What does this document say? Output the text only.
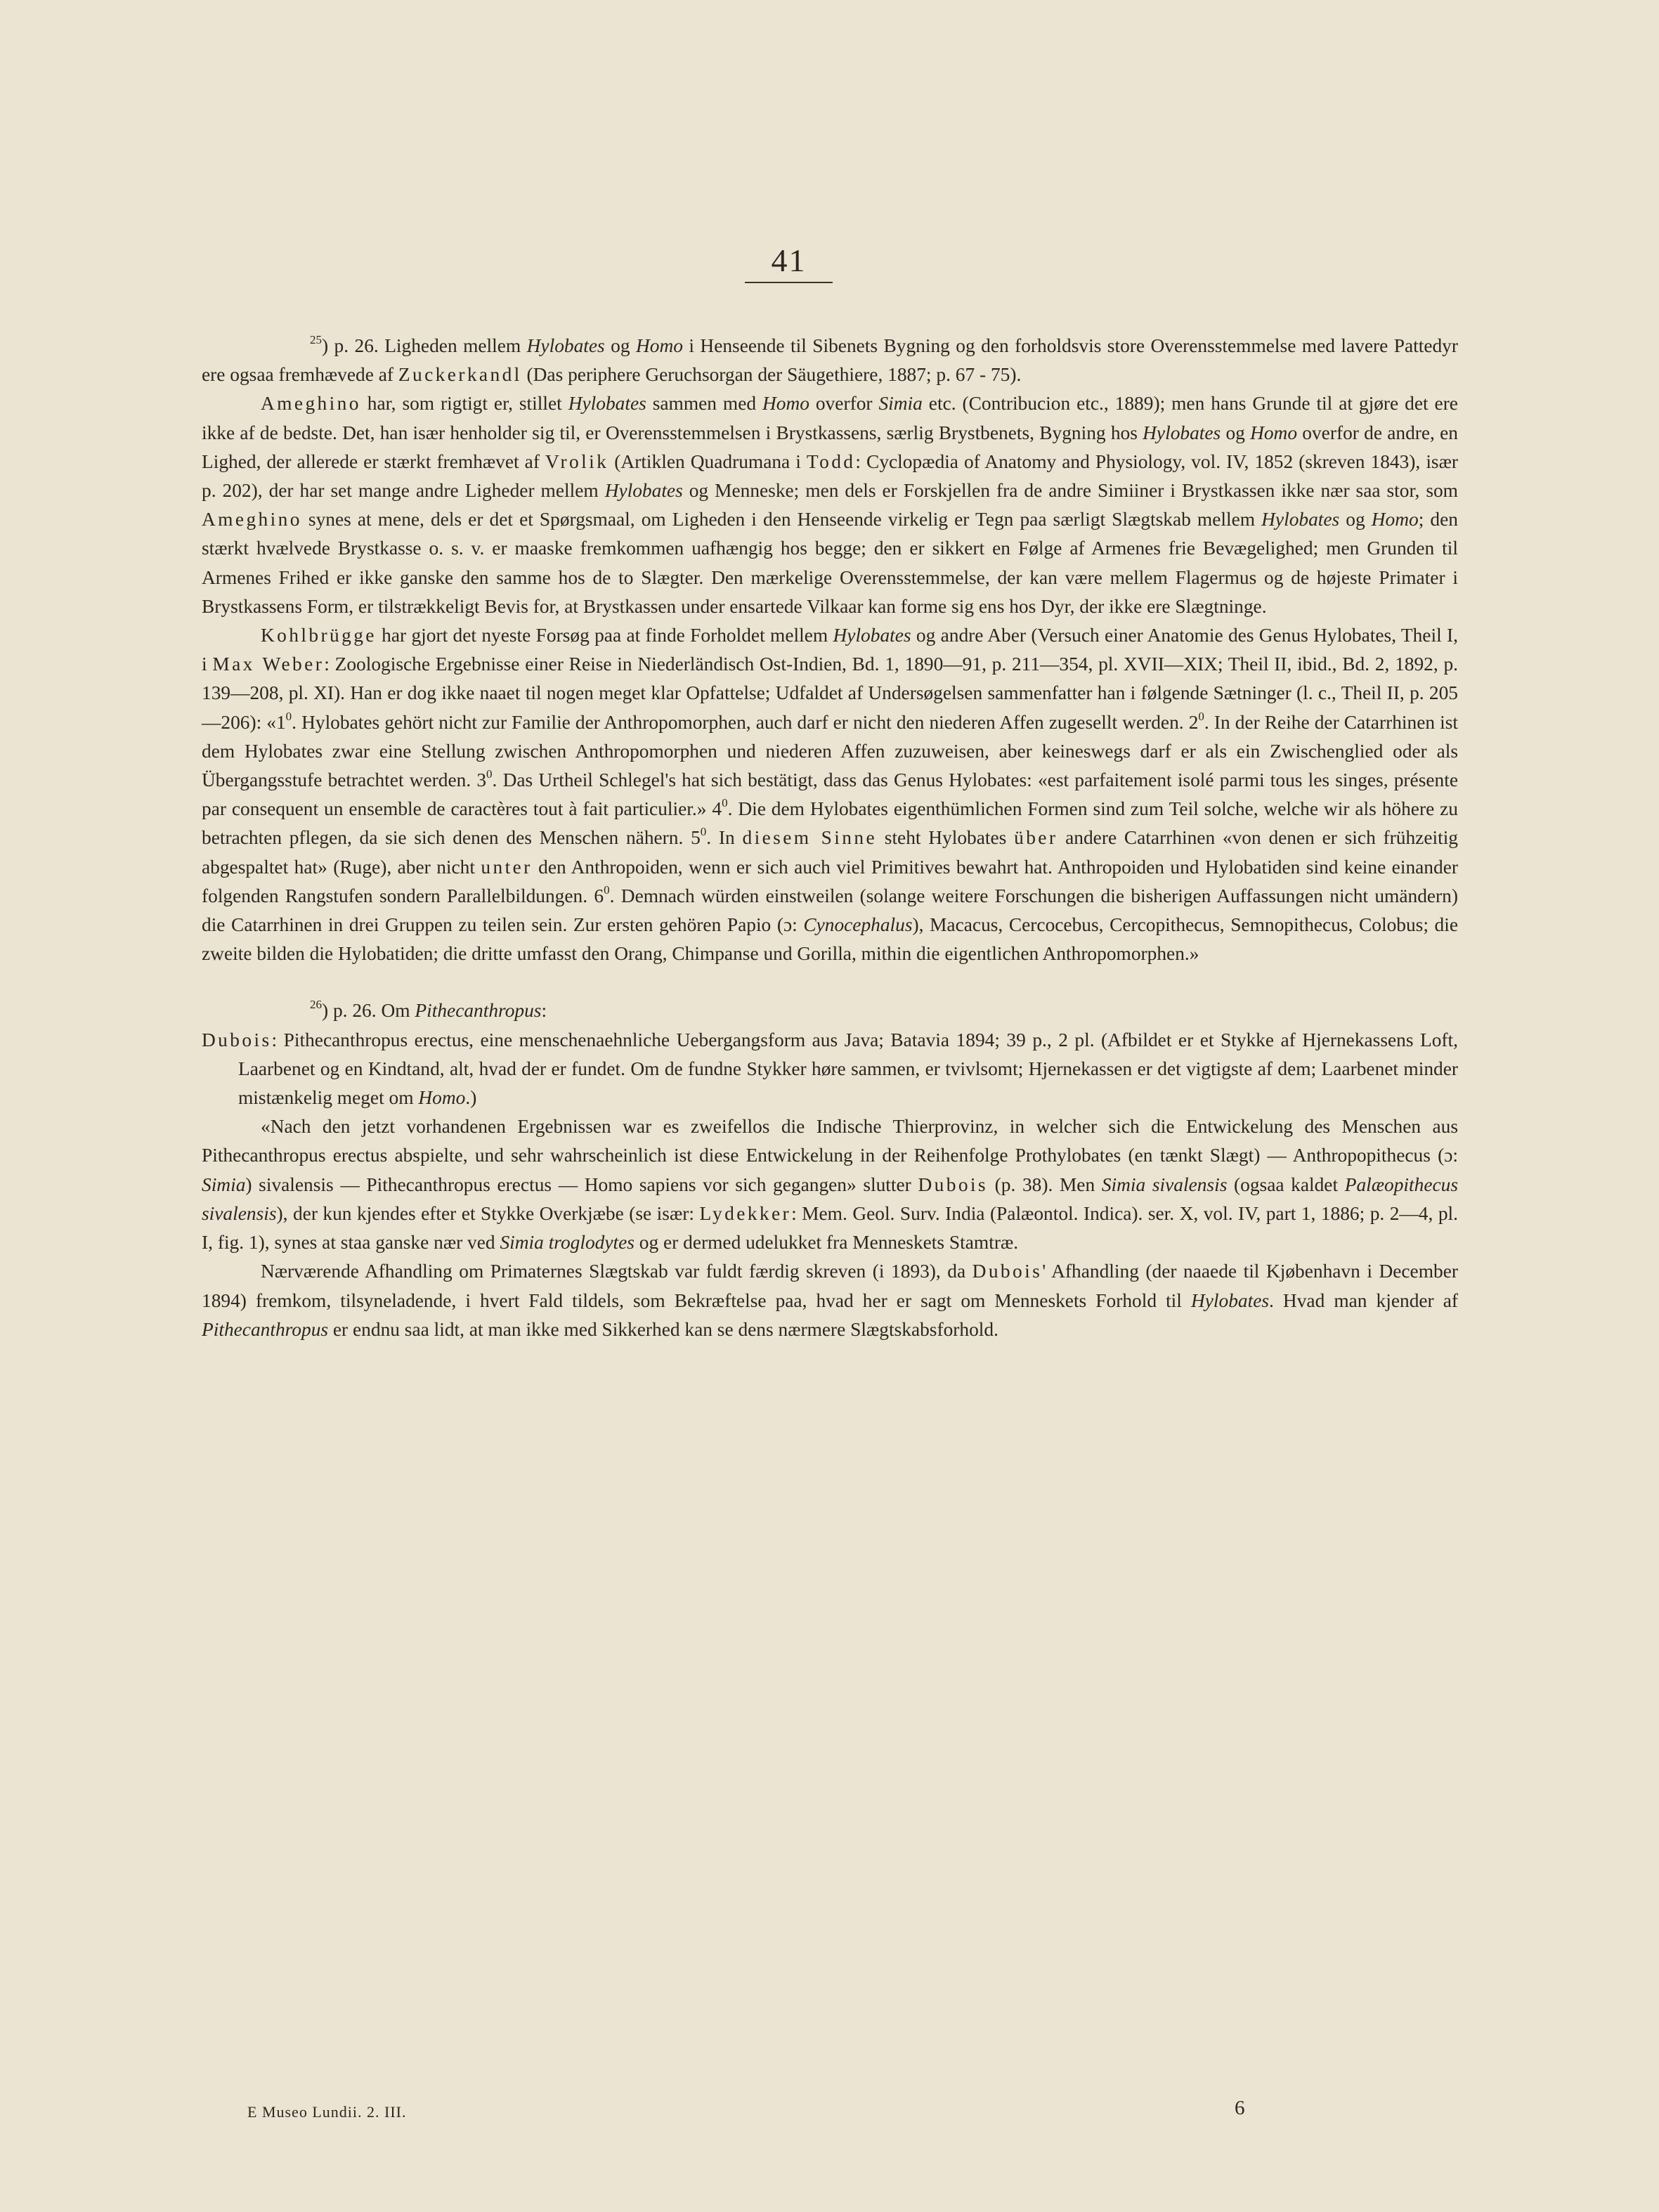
41

$^{25}$) p. 26. Ligheden mellem Hylobates og Homo i Henseende til Sibenets Bygning og den forholdsvis store Overensstemmelse med lavere Pattedyr ere ogsaa fremhævede af Zuckerkandl (Das periphere Geruchsorgan der Säugethiere, 1887; p. 67 - 75).

Ameghino har, som rigtigt er, stillet Hylobates sammen med Homo overfor Simia etc. (Contribucion etc., 1889); men hans Grunde til at gjøre det ere ikke af de bedste. Det, han især henholder sig til, er Overensstemmelsen i Brystkassens, særlig Brystbenets, Bygning hos Hylobates og Homo overfor de andre, en Lighed, der allerede er stærkt fremhævet af Vrolik (Artiklen Quadrumana i Todd: Cyclopædia of Anatomy and Physiology, vol. IV, 1852 (skreven 1843), især p. 202), der har set mange andre Ligheder mellem Hylobates og Menneske; men dels er Forskjellen fra de andre Simiiner i Brystkassen ikke nær saa stor, som Ameghino synes at mene, dels er det et Spørgsmaal, om Ligheden i den Henseende virkelig er Tegn paa særligt Slægtskab mellem Hylobates og Homo; den stærkt hvælvede Brystkasse o. s. v. er maaske fremkommen uafhængig hos begge; den er sikkert en Følge af Armenes frie Bevægelighed; men Grunden til Armenes Frihed er ikke ganske den samme hos de to Slægter. Den mærkelige Overensstemmelse, der kan være mellem Flagermus og de højeste Primater i Brystkassens Form, er tilstrækkeligt Bevis for, at Brystkassen under ensartede Vilkaar kan forme sig ens hos Dyr, der ikke ere Slægtninge.

Kohlbrügge har gjort det nyeste Forsøg paa at finde Forholdet mellem Hylobates og andre Aber (Versuch einer Anatomie des Genus Hylobates, Theil I, i Max Weber: Zoologische Ergebnisse einer Reise in Niederländisch Ost-Indien, Bd. 1, 1890—91, p. 211—354, pl. XVII—XIX; Theil II, ibid., Bd. 2, 1892, p. 139—208, pl. XI). Han er dog ikke naaet til nogen meget klar Opfattelse; Udfaldet af Undersøgelsen sammenfatter han i følgende Sætninger (l. c., Theil II, p. 205—206): «$1^0$. Hylobates gehört nicht zur Familie der Anthropomorphen, auch darf er nicht den niederen Affen zugesellt werden. $2^0$. In der Reihe der Catarrhinen ist dem Hylobates zwar eine Stellung zwischen Anthropomorphen und niederen Affen zuzuweisen, aber keineswegs darf er als ein Zwischenglied oder als Übergangsstufe betrachtet werden. $3^0$. Das Urtheil Schlegel's hat sich bestätigt, dass das Genus Hylobates: «est parfaitement isolé parmi tous les singes, présente par consequent un ensemble de caractères tout à fait particulier.» $4^0$. Die dem Hylobates eigenthümlichen Formen sind zum Teil solche, welche wir als höhere zu betrachten pflegen, da sie sich denen des Menschen nähern. $5^0$. In diesem Sinne steht Hylobates über andere Catarrhinen «von denen er sich frühzeitig abgespaltet hat» (Ruge), aber nicht unter den Anthropoiden, wenn er sich auch viel Primitives bewahrt hat. Anthropoiden und Hylobatiden sind keine einander folgenden Rangstufen sondern Parallelbildungen. $6^0$. Demnach würden einstweilen (solange weitere Forschungen die bisherigen Auffassungen nicht umändern) die Catarrhinen in drei Gruppen zu teilen sein. Zur ersten gehören Papio (ɔ: Cynocephalus), Macacus, Cercocebus, Cercopithecus, Semnopithecus, Colobus; die zweite bilden die Hylobatiden; die dritte umfasst den Orang, Chimpanse und Gorilla, mithin die eigentlichen Anthropomorphen.»

$^{26}$) p. 26. Om Pithecanthropus:

Dubois: Pithecanthropus erectus, eine menschenaehnliche Uebergangsform aus Java; Batavia 1894; 39 p., 2 pl. (Afbildet er et Stykke af Hjernekassens Loft, Laarbenet og en Kindtand, alt, hvad der er fundet. Om de fundne Stykker høre sammen, er tvivlsomt; Hjernekassen er det vigtigste af dem; Laarbenet minder mistænkelig meget om Homo.)

«Nach den jetzt vorhandenen Ergebnissen war es zweifellos die Indische Thierprovinz, in welcher sich die Entwickelung des Menschen aus Pithecanthropus erectus abspielte, und sehr wahrscheinlich ist diese Entwickelung in der Reihenfolge Prothylobates (en tænkt Slægt) — Anthropopithecus (ɔ: Simia) sivalensis — Pithecanthropus erectus — Homo sapiens vor sich gegangen» slutter Dubois (p. 38). Men Simia sivalensis (ogsaa kaldet Palæopithecus sivalensis), der kun kjendes efter et Stykke Overkjæbe (se især: Lydekker: Mem. Geol. Surv. India (Palæontol. Indica). ser. X, vol. IV, part 1, 1886; p. 2—4, pl. I, fig. 1), synes at staa ganske nær ved Simia troglodytes og er dermed udelukket fra Menneskets Stamtræ.

Nærværende Afhandling om Primaternes Slægtskab var fuldt færdig skreven (i 1893), da Dubois' Afhandling (der naaede til Kjøbenhavn i December 1894) fremkom, tilsyneladende, i hvert Fald tildels, som Bekræftelse paa, hvad her er sagt om Menneskets Forhold til Hylobates. Hvad man kjender af Pithecanthropus er endnu saa lidt, at man ikke med Sikkerhed kan se dens nærmere Slægtskabsforhold.

E Museo Lundii. 2. III.	6
